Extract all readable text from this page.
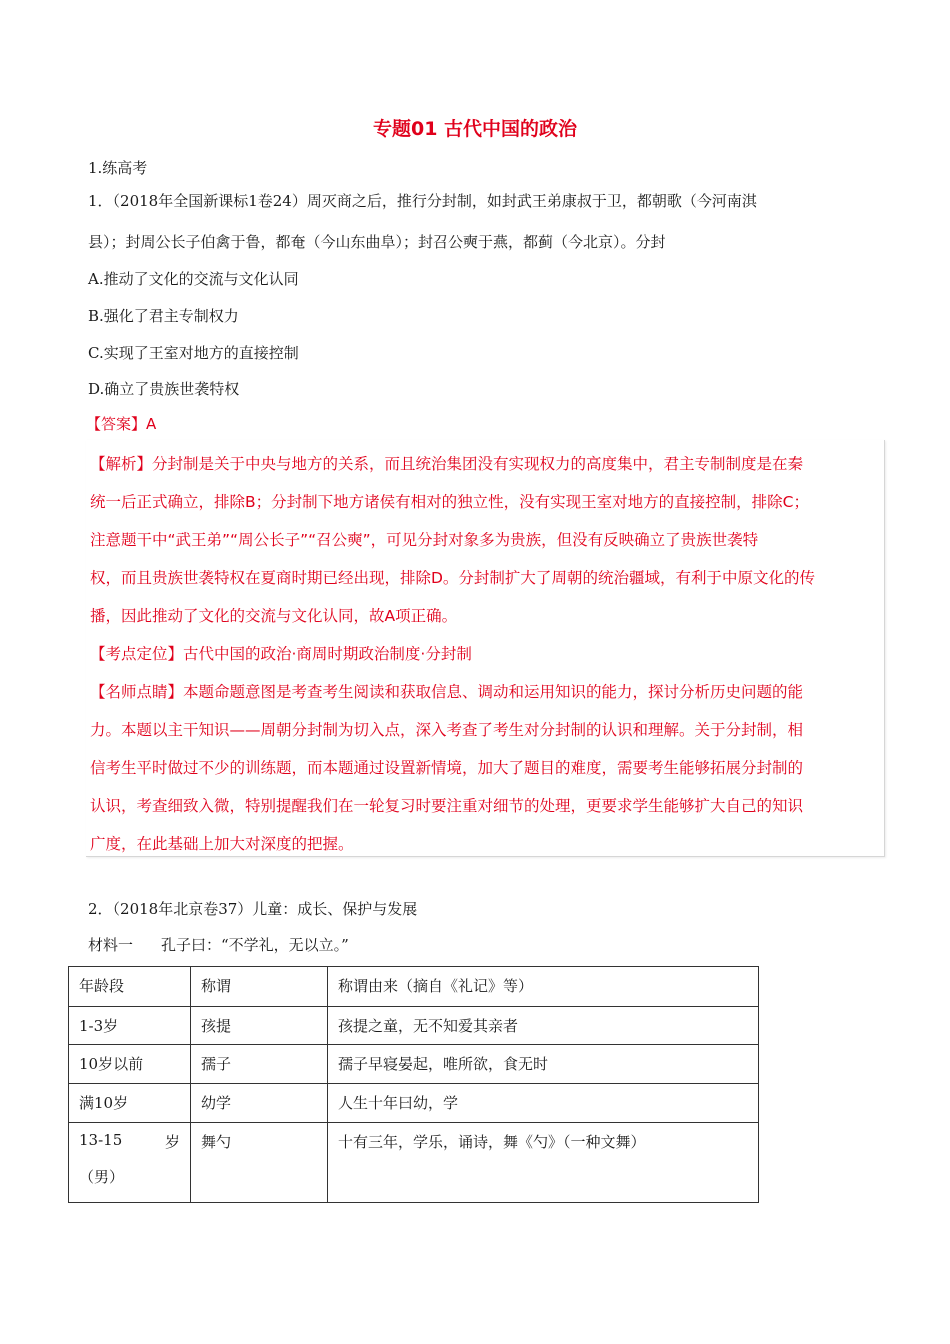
专题01 古代中国的政治
1.练高考
1．（2018年全国新课标1卷24）周灭商之后，推行分封制，如封武王弟康叔于卫，都朝歌（今河南淇
县）；封周公长子伯禽于鲁，都奄（今山东曲阜）；封召公奭于燕，都蓟（今北京）。分封
A.推动了文化的交流与文化认同
B.强化了君主专制权力
C.实现了王室对地方的直接控制
D.确立了贵族世袭特权
【答案】A
【解析】分封制是关于中央与地方的关系，而且统治集团没有实现权力的高度集中，君主专制制度是在秦
统一后正式确立，排除B；分封制下地方诸侯有相对的独立性，没有实现王室对地方的直接控制，排除C；
注意题干中“武王弟”“周公长子”“召公奭”，可见分封对象多为贵族，但没有反映确立了贵族世袭特
权，而且贵族世袭特权在夏商时期已经出现，排除D。分封制扩大了周朝的统治疆域，有利于中原文化的传
播，因此推动了文化的交流与文化认同，故A项正确。
【考点定位】古代中国的政治·商周时期政治制度·分封制
【名师点睛】本题命题意图是考查考生阅读和获取信息、调动和运用知识的能力，探讨分析历史问题的能
力。本题以主干知识——周朝分封制为切入点，深入考查了考生对分封制的认识和理解。关于分封制，相
信考生平时做过不少的训练题，而本题通过设置新情境，加大了题目的难度，需要考生能够拓展分封制的
认识，考查细致入微，特别提醒我们在一轮复习时要注重对细节的处理，更要求学生能够扩大自己的知识
广度，在此基础上加大对深度的把握。
2．（2018年北京卷37）儿童：成长、保护与发展
材料一 孔子曰：“不学礼，无以立。”
年龄段	称谓	称谓由来（摘自《礼记》等）
1-3岁	孩提	孩提之童，无不知爱其亲者
10岁以前	孺子	孺子早寝晏起，唯所欲，食无时
满10岁	幼学	人生十年曰幼，学

13-15 岁
（男）	舞勺	十有三年，学乐，诵诗，舞《勺》（一种文舞）
